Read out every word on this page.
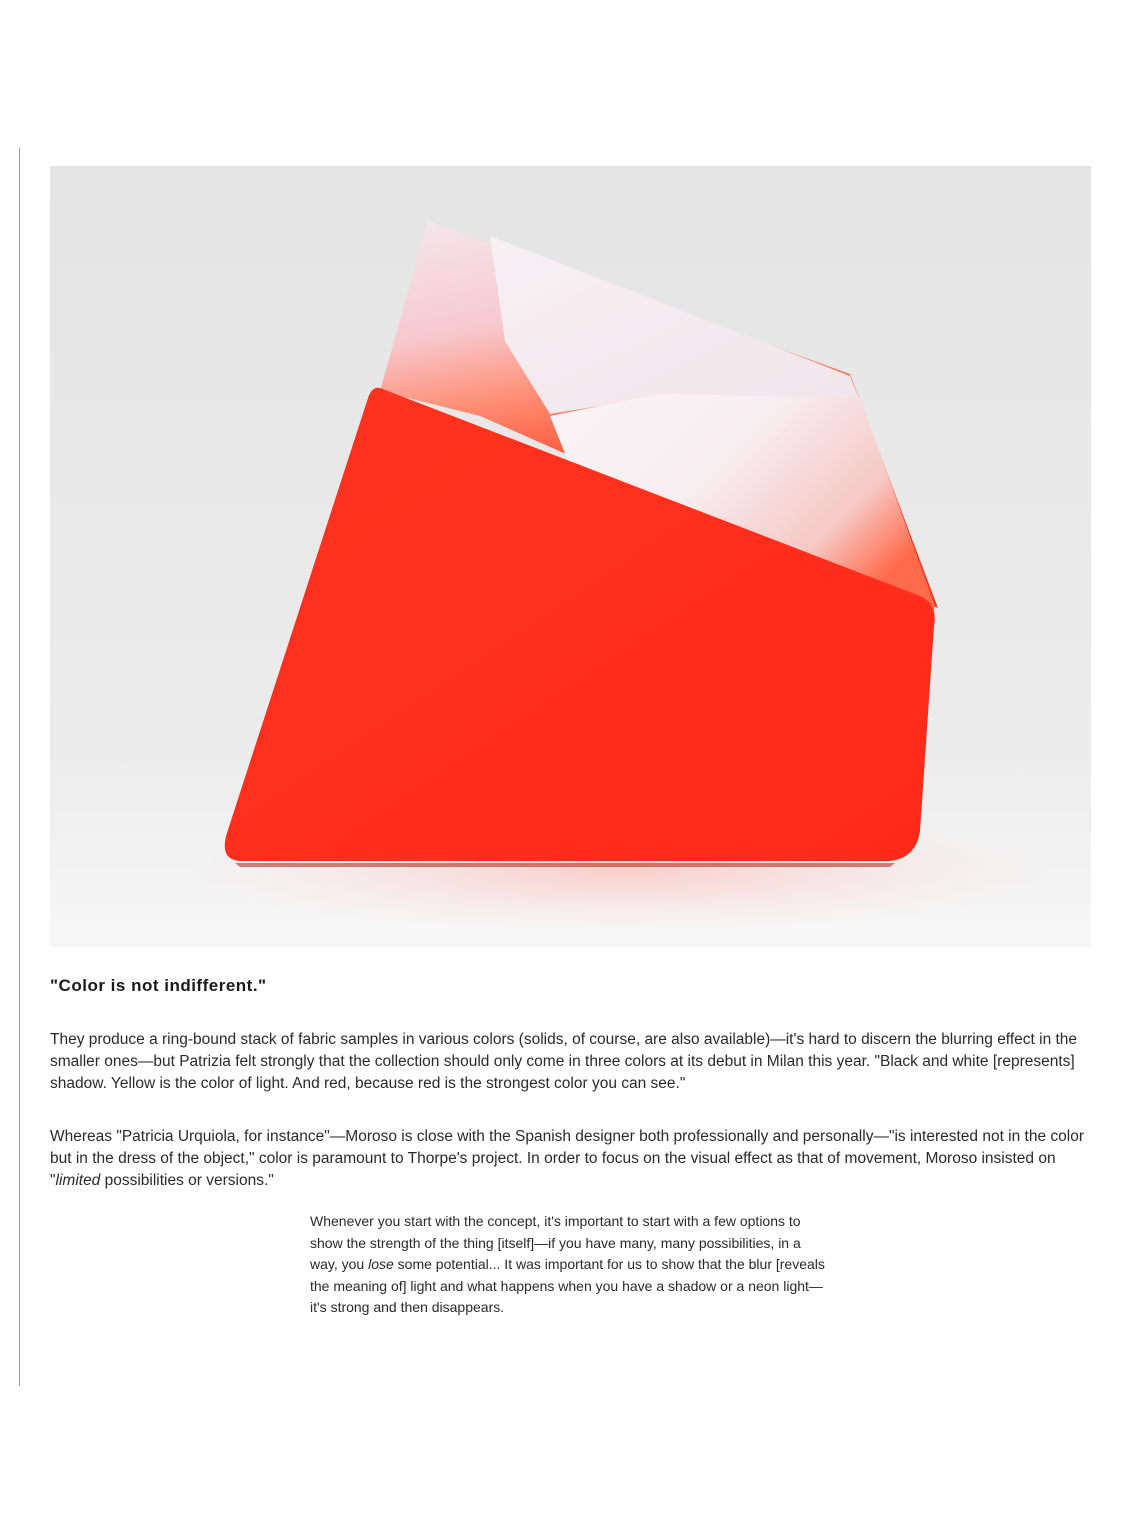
"Color is not indifferent."

They produce a ring-bound stack of fabric samples in various colors (solids, of course, are also available)—it's hard to discern the blurring effect in the smaller ones—but Patrizia felt strongly that the collection should only come in three colors at its debut in Milan this year. "Black and white [represents] shadow. Yellow is the color of light. And red, because red is the strongest color you can see."

Whereas "Patricia Urquiola, for instance"—Moroso is close with the Spanish designer both professionally and personally—"is interested not in the color but in the dress of the object," color is paramount to Thorpe's project. In order to focus on the visual effect as that of movement, Moroso insisted on "limited possibilities or versions."

Whenever you start with the concept, it's important to start with a few options to show the strength of the thing [itself]—if you have many, many possibilities, in a way, you lose some potential... It was important for us to show that the blur [reveals the meaning of] light and what happens when you have a shadow or a neon light—it's strong and then disappears.
